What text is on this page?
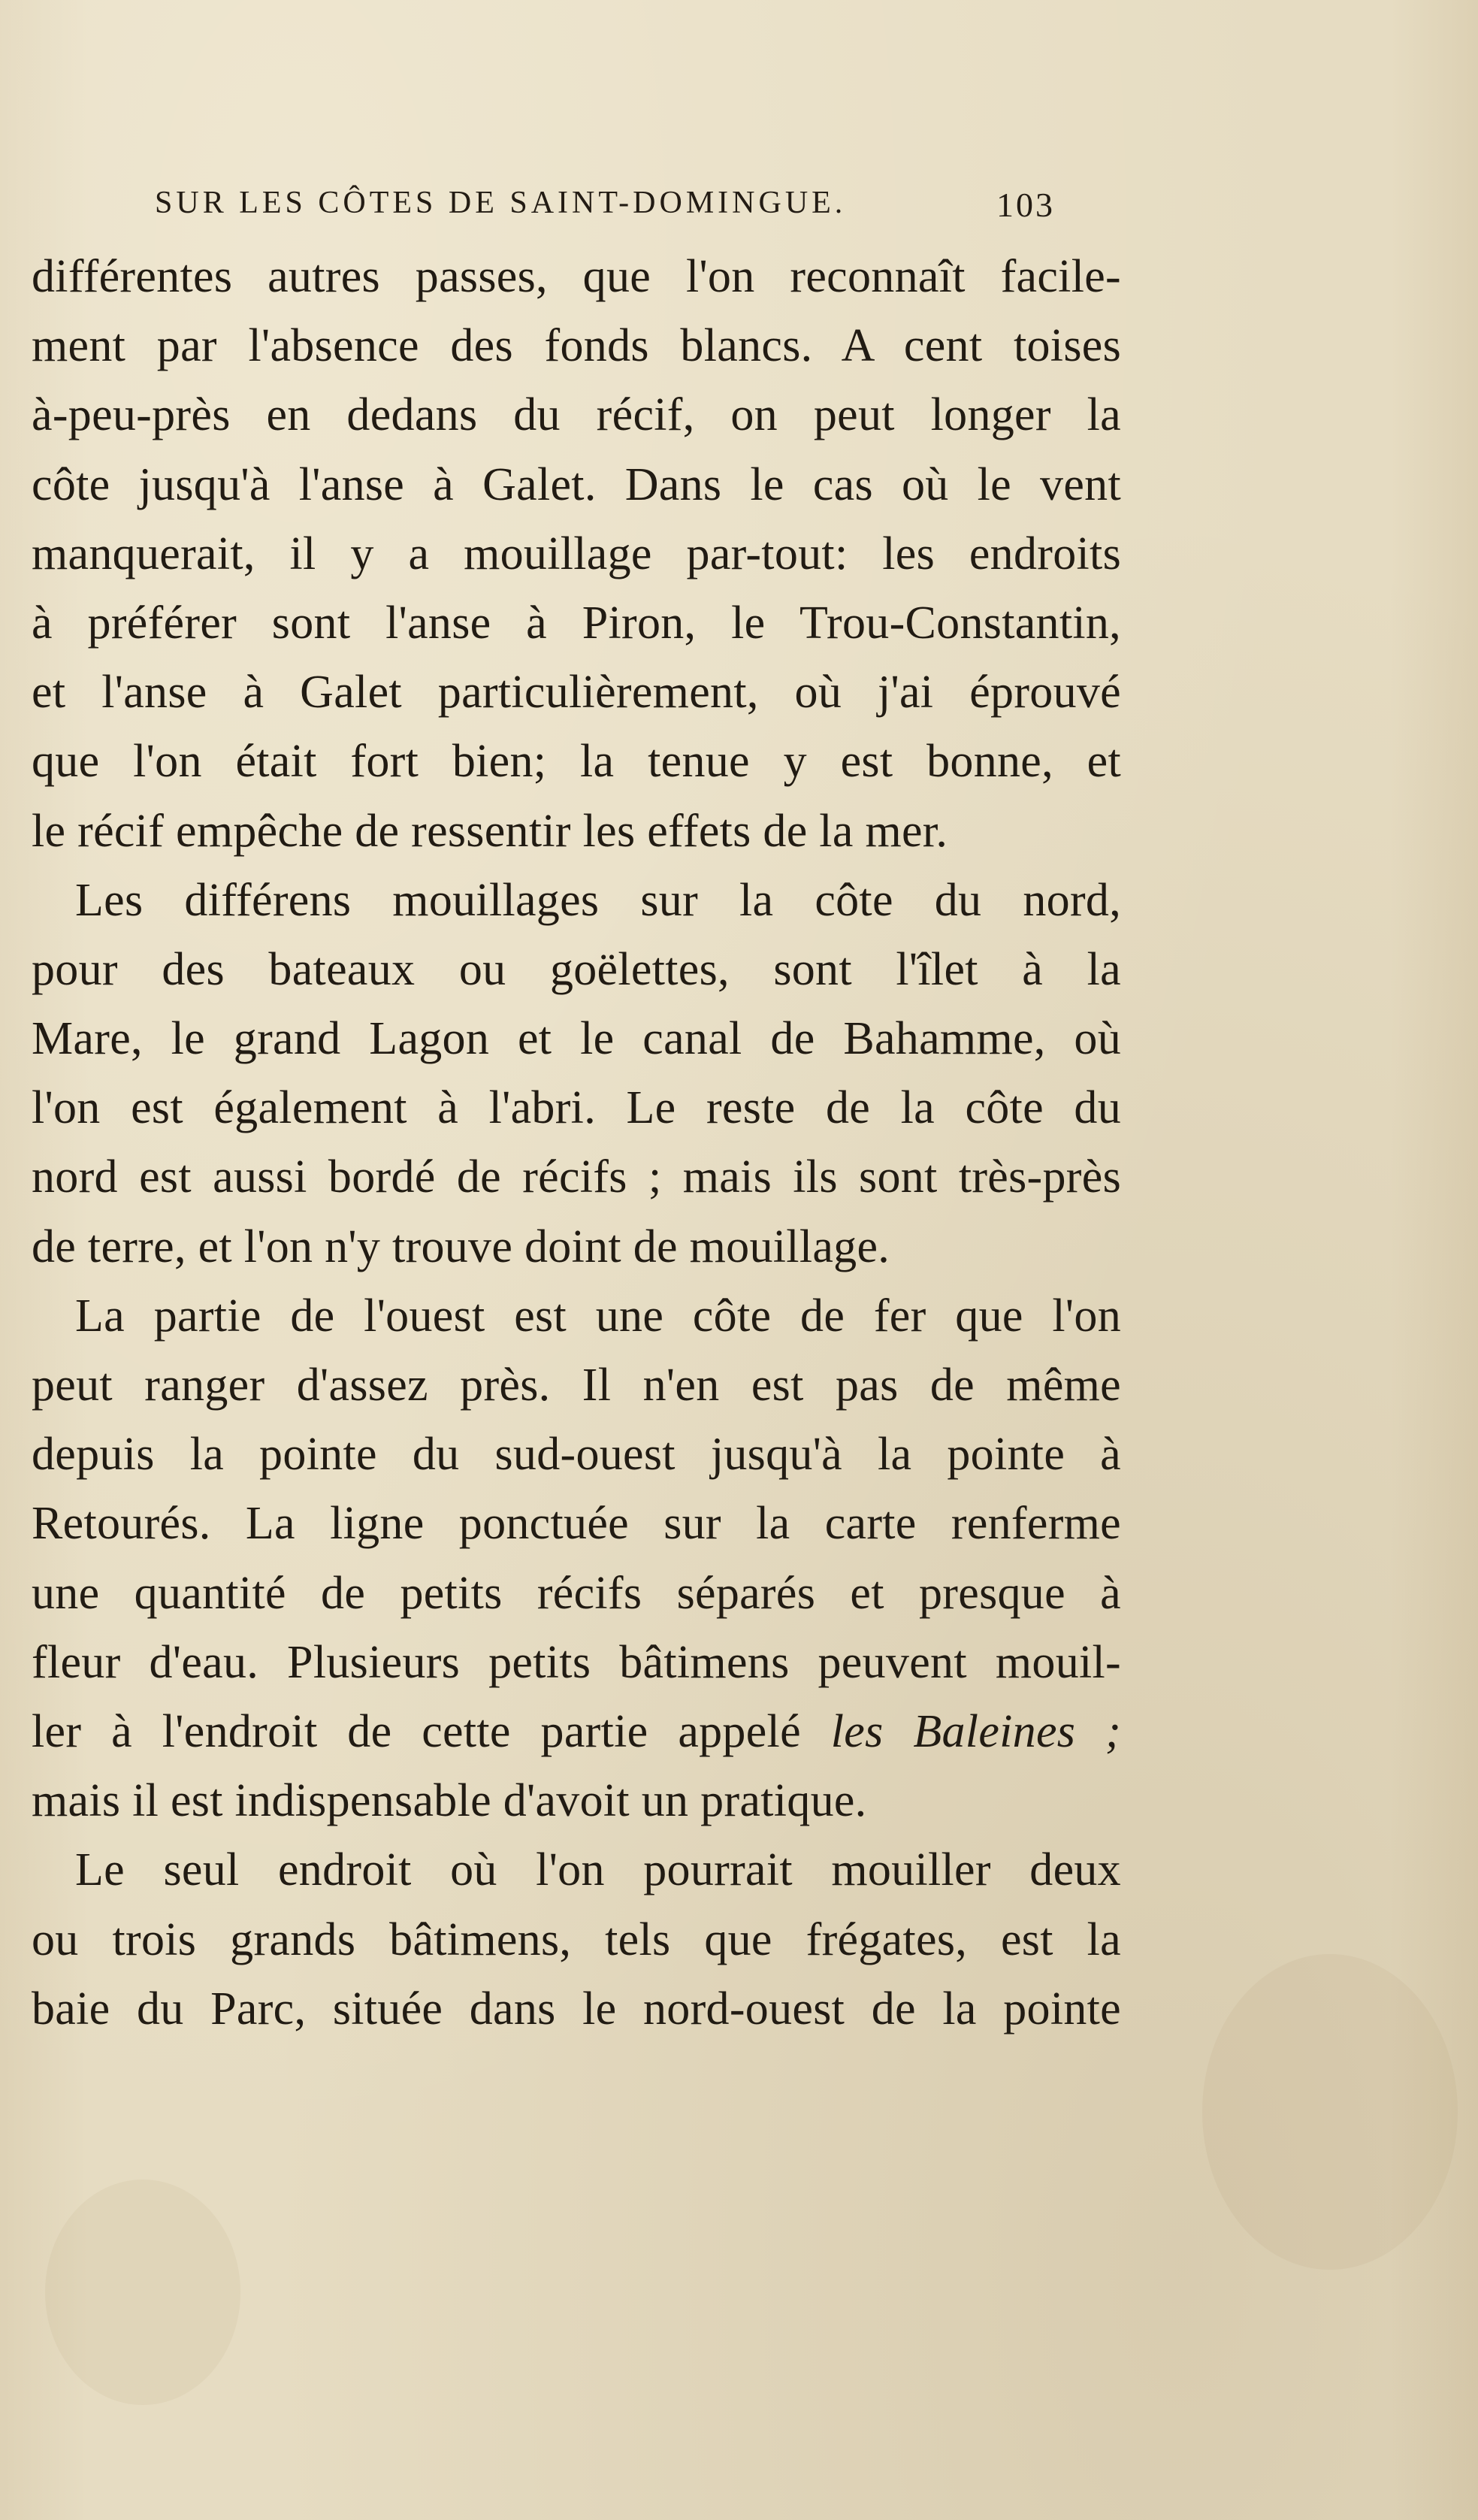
SUR LES CÔTES DE SAINT-DOMINGUE.	103
différentes autres passes, que l'on reconnaît facile-
ment par l'absence des fonds blancs. A cent toises
à-peu-près en dedans du récif, on peut longer la
côte jusqu'à l'anse à Galet. Dans le cas où le vent
manquerait, il y a mouillage par-tout: les endroits
à préférer sont l'anse à Piron, le Trou-Constantin,
et l'anse à Galet particulièrement, où j'ai éprouvé
que l'on était fort bien; la tenue y est bonne, et
le récif empêche de ressentir les effets de la mer.
Les différens mouillages sur la côte du nord,
pour des bateaux ou goëlettes, sont l'îlet à la
Mare, le grand Lagon et le canal de Bahamme, où
l'on est également à l'abri. Le reste de la côte du
nord est aussi bordé de récifs ; mais ils sont très-près
de terre, et l'on n'y trouve doint de mouillage.
La partie de l'ouest est une côte de fer que l'on
peut ranger d'assez près. Il n'en est pas de même
depuis la pointe du sud-ouest jusqu'à la pointe à
Retourés. La ligne ponctuée sur la carte renferme
une quantité de petits récifs séparés et presque à
fleur d'eau. Plusieurs petits bâtimens peuvent mouil-
ler à l'endroit de cette partie appelé les Baleines ;
mais il est indispensable d'avoit un pratique.
Le seul endroit où l'on pourrait mouiller deux
ou trois grands bâtimens, tels que frégates, est la
baie du Parc, située dans le nord-ouest de la pointe
